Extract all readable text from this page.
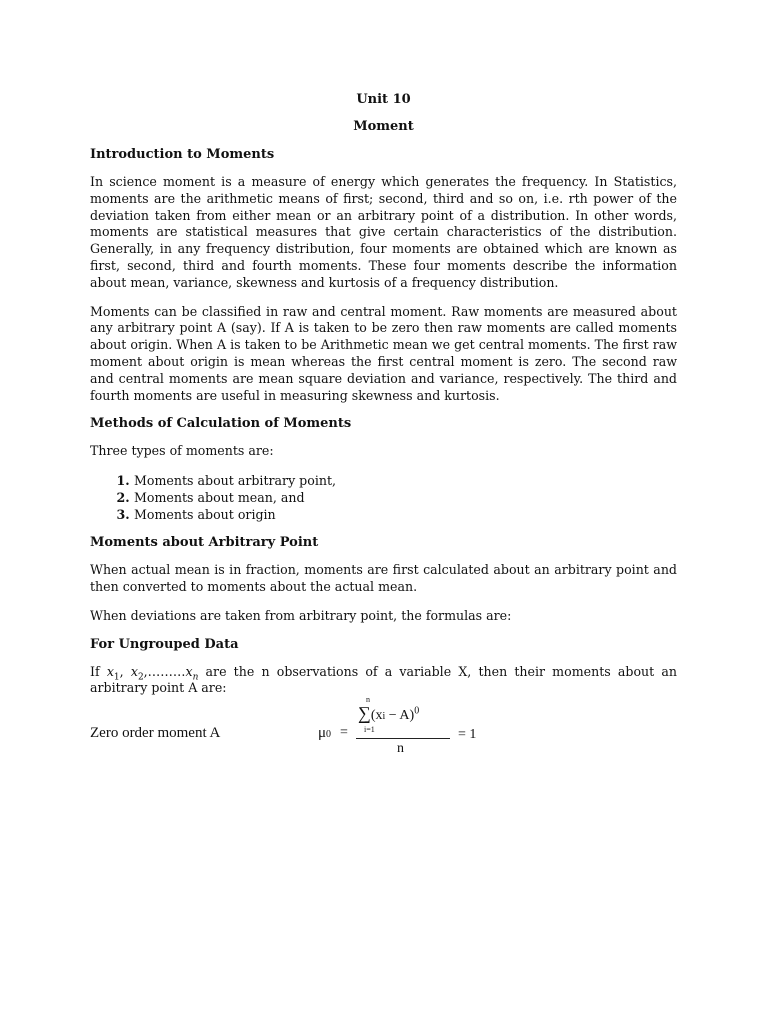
Unit 10
Moment
Introduction to Moments

In science moment is a measure of energy which generates the frequency. In Statistics, moments are the arithmetic means of first; second, third and so on, i.e. rth power of the deviation taken from either mean or an arbitrary point of a distribution. In other words, moments are statistical measures that give certain characteristics of the distribution. Generally, in any frequency distribution, four moments are obtained which are known as first, second, third and fourth moments. These four moments describe the information about mean, variance, skewness and kurtosis of a frequency distribution.

Moments can be classified in raw and central moment. Raw moments are measured about any arbitrary point A (say). If A is taken to be zero then raw moments are called moments about origin. When A is taken to be Arithmetic mean we get central moments. The first raw moment about origin is mean whereas the first central moment is zero. The second raw and central moments are mean square deviation and variance, respectively. The third and fourth moments are useful in measuring skewness and kurtosis.

Methods of Calculation of Moments

Three types of moments are:

1. Moments about arbitrary point,
2. Moments about mean, and
3. Moments about origin
Moments about Arbitrary Point

When actual mean is in fraction, moments are first calculated about an arbitrary point and then converted to moments about the actual mean.

When deviations are taken from arbitrary point, the formulas are:

For Ungrouped Data

If $x_1$, $x_2,\dots\dots\dots x_n$ are the n observations of a variable X, then their moments about an arbitrary point A are:

Zero order moment A	μ0 =
∑(xi − A)$^0$
n
i=1
n
= 1
